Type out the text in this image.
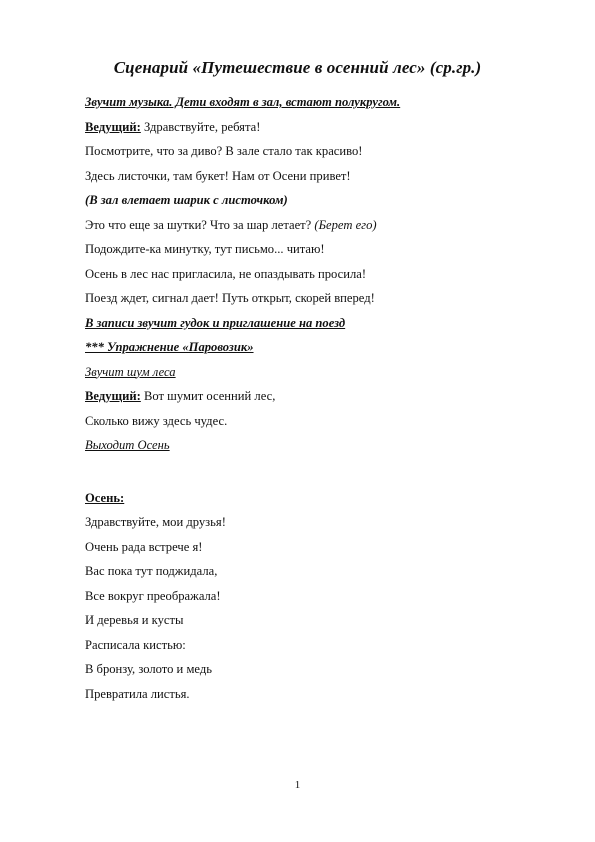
Сценарий «Путешествие в осенний лес» (ср.гр.)
Звучит музыка. Дети входят в зал, встают полукругом.
Ведущий: Здравствуйте, ребята!
Посмотрите, что за диво? В зале стало так красиво!
Здесь листочки, там букет! Нам от Осени привет!
(В зал влетает шарик с листочком)
Это что еще за шутки? Что за шар летает? (Берет его)
Подождите-ка минутку, тут письмо... читаю!
Осень в лес нас пригласила, не опаздывать просила!
Поезд ждет, сигнал дает! Путь открыт, скорей вперед!
В записи звучит гудок и приглашение на поезд
*** Упражнение «Паровозик»
Звучит шум леса
Ведущий: Вот шумит осенний лес,
Сколько вижу здесь чудес.
Выходит Осень
Осень:
Здравствуйте, мои друзья!
Очень рада встрече я!
Вас пока тут поджидала,
Все вокруг преображала!
И деревья и кусты
Расписала кистью:
В бронзу, золото и медь
Превратила листья.
1
